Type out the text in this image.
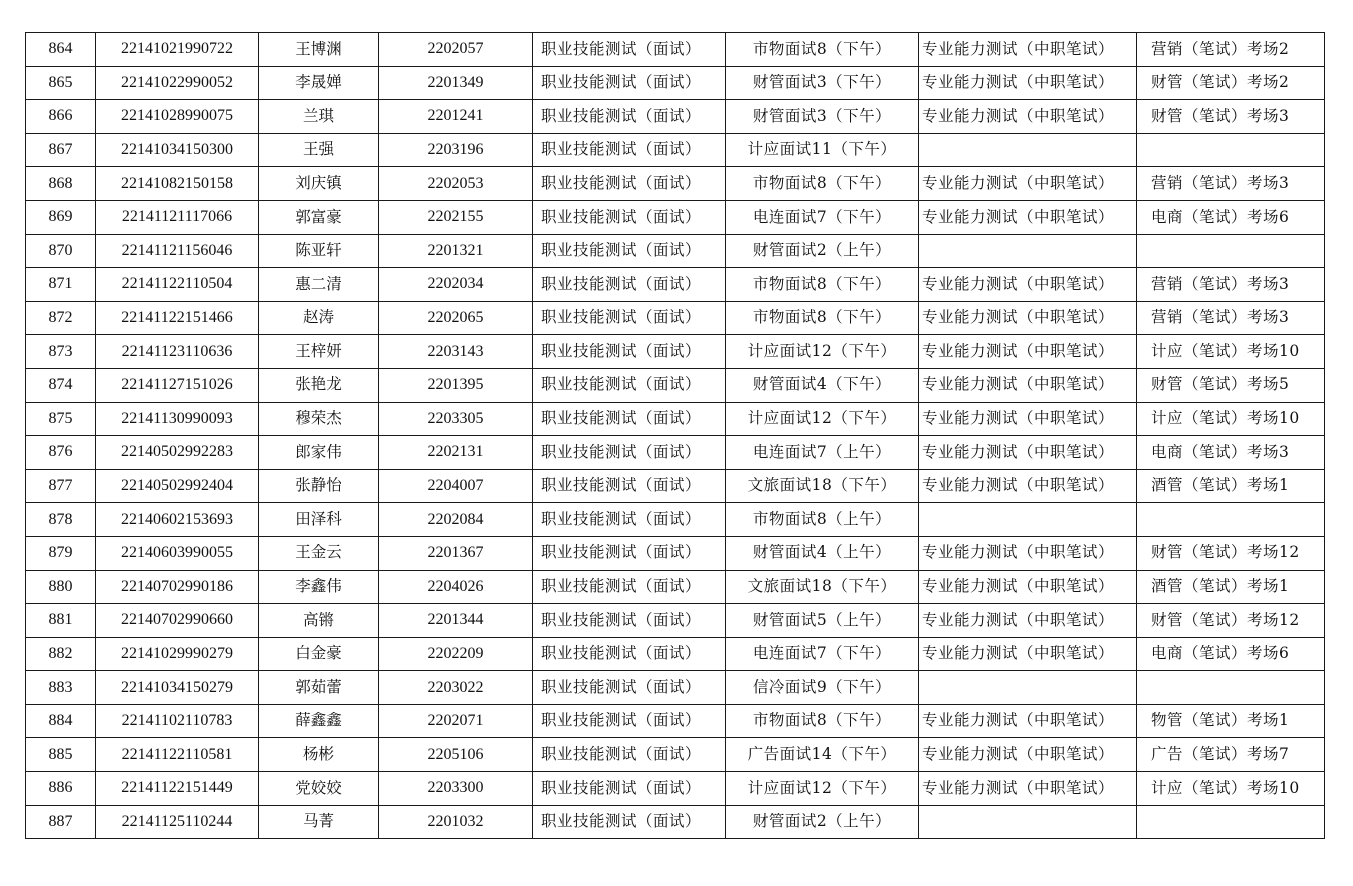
864	22141021990722	王博渊	2202057	职业技能测试（面试）	市物面试8（下午）	专业能力测试（中职笔试）	营销（笔试）考场2
865	22141022990052	李晟婵	2201349	职业技能测试（面试）	财管面试3（下午）	专业能力测试（中职笔试）	财管（笔试）考场2
866	22141028990075	兰琪	2201241	职业技能测试（面试）	财管面试3（下午）	专业能力测试（中职笔试）	财管（笔试）考场3
867	22141034150300	王强	2203196	职业技能测试（面试）	计应面试11（下午）		
868	22141082150158	刘庆镇	2202053	职业技能测试（面试）	市物面试8（下午）	专业能力测试（中职笔试）	营销（笔试）考场3
869	22141121117066	郭富豪	2202155	职业技能测试（面试）	电连面试7（下午）	专业能力测试（中职笔试）	电商（笔试）考场6
870	22141121156046	陈亚轩	2201321	职业技能测试（面试）	财管面试2（上午）		
871	22141122110504	惠二清	2202034	职业技能测试（面试）	市物面试8（下午）	专业能力测试（中职笔试）	营销（笔试）考场3
872	22141122151466	赵涛	2202065	职业技能测试（面试）	市物面试8（下午）	专业能力测试（中职笔试）	营销（笔试）考场3
873	22141123110636	王梓妍	2203143	职业技能测试（面试）	计应面试12（下午）	专业能力测试（中职笔试）	计应（笔试）考场10
874	22141127151026	张艳龙	2201395	职业技能测试（面试）	财管面试4（下午）	专业能力测试（中职笔试）	财管（笔试）考场5
875	22141130990093	穆荣杰	2203305	职业技能测试（面试）	计应面试12（下午）	专业能力测试（中职笔试）	计应（笔试）考场10
876	22140502992283	郎家伟	2202131	职业技能测试（面试）	电连面试7（上午）	专业能力测试（中职笔试）	电商（笔试）考场3
877	22140502992404	张静怡	2204007	职业技能测试（面试）	文旅面试18（下午）	专业能力测试（中职笔试）	酒管（笔试）考场1
878	22140602153693	田泽科	2202084	职业技能测试（面试）	市物面试8（上午）		
879	22140603990055	王金云	2201367	职业技能测试（面试）	财管面试4（上午）	专业能力测试（中职笔试）	财管（笔试）考场12
880	22140702990186	李鑫伟	2204026	职业技能测试（面试）	文旅面试18（下午）	专业能力测试（中职笔试）	酒管（笔试）考场1
881	22140702990660	高锵	2201344	职业技能测试（面试）	财管面试5（上午）	专业能力测试（中职笔试）	财管（笔试）考场12
882	22141029990279	白金豪	2202209	职业技能测试（面试）	电连面试7（下午）	专业能力测试（中职笔试）	电商（笔试）考场6
883	22141034150279	郭茹蕾	2203022	职业技能测试（面试）	信冷面试9（下午）		
884	22141102110783	薛鑫鑫	2202071	职业技能测试（面试）	市物面试8（下午）	专业能力测试（中职笔试）	物管（笔试）考场1
885	22141122110581	杨彬	2205106	职业技能测试（面试）	广告面试14（下午）	专业能力测试（中职笔试）	广告（笔试）考场7
886	22141122151449	党姣姣	2203300	职业技能测试（面试）	计应面试12（下午）	专业能力测试（中职笔试）	计应（笔试）考场10
887	22141125110244	马菁	2201032	职业技能测试（面试）	财管面试2（上午）		
